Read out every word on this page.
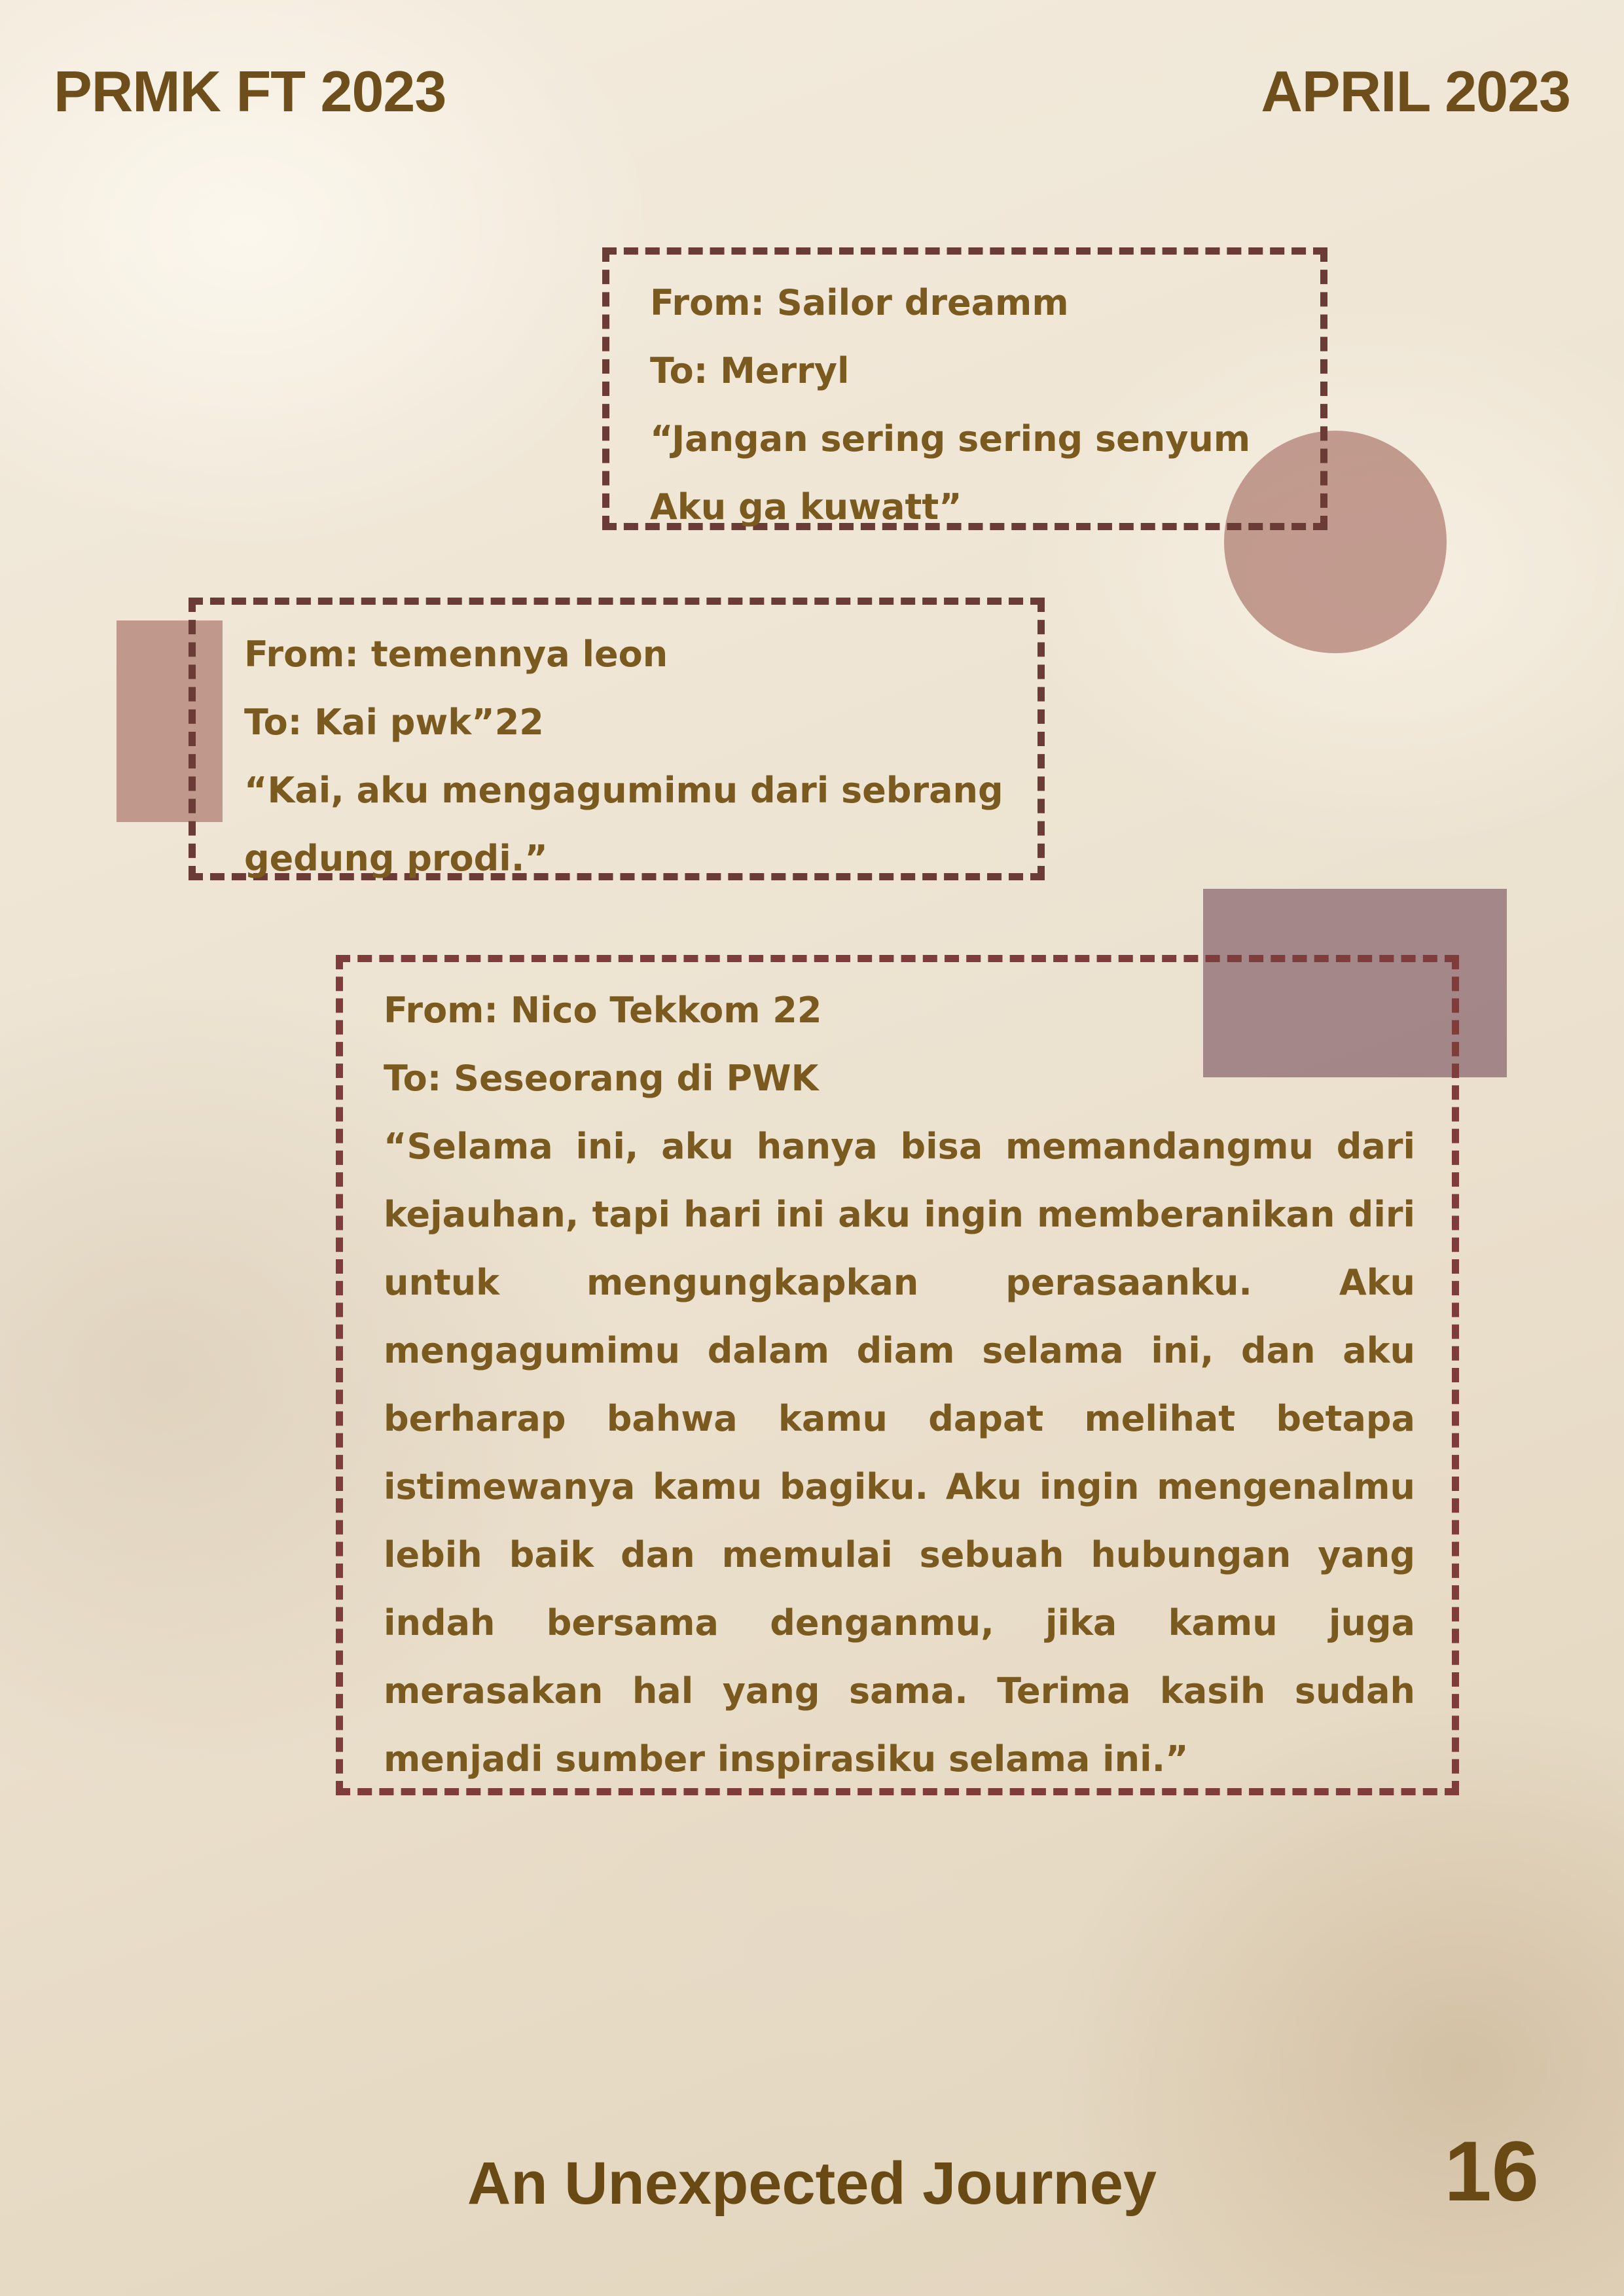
PRMK FT 2023	APRIL 2023
From: Sailor dreamm
To: Merryl
“Jangan sering sering senyum
Aku ga kuwatt”
From: temennya leon
To: Kai pwk”22
“Kai, aku mengagumimu dari sebrang
gedung prodi.”
From: Nico Tekkom 22
To: Seseorang di PWK

“Selama ini, aku hanya bisa memandangmu dari kejauhan, tapi hari ini aku ingin memberanikan diri untuk mengungkapkan perasaanku. Aku mengagumimu dalam diam selama ini, dan aku berharap bahwa kamu dapat melihat betapa istimewanya kamu bagiku. Aku ingin mengenalmu lebih baik dan memulai sebuah hubungan yang indah bersama denganmu, jika kamu juga merasakan hal yang sama. Terima kasih sudah menjadi sumber inspirasiku selama ini.”

An Unexpected Journey	16
